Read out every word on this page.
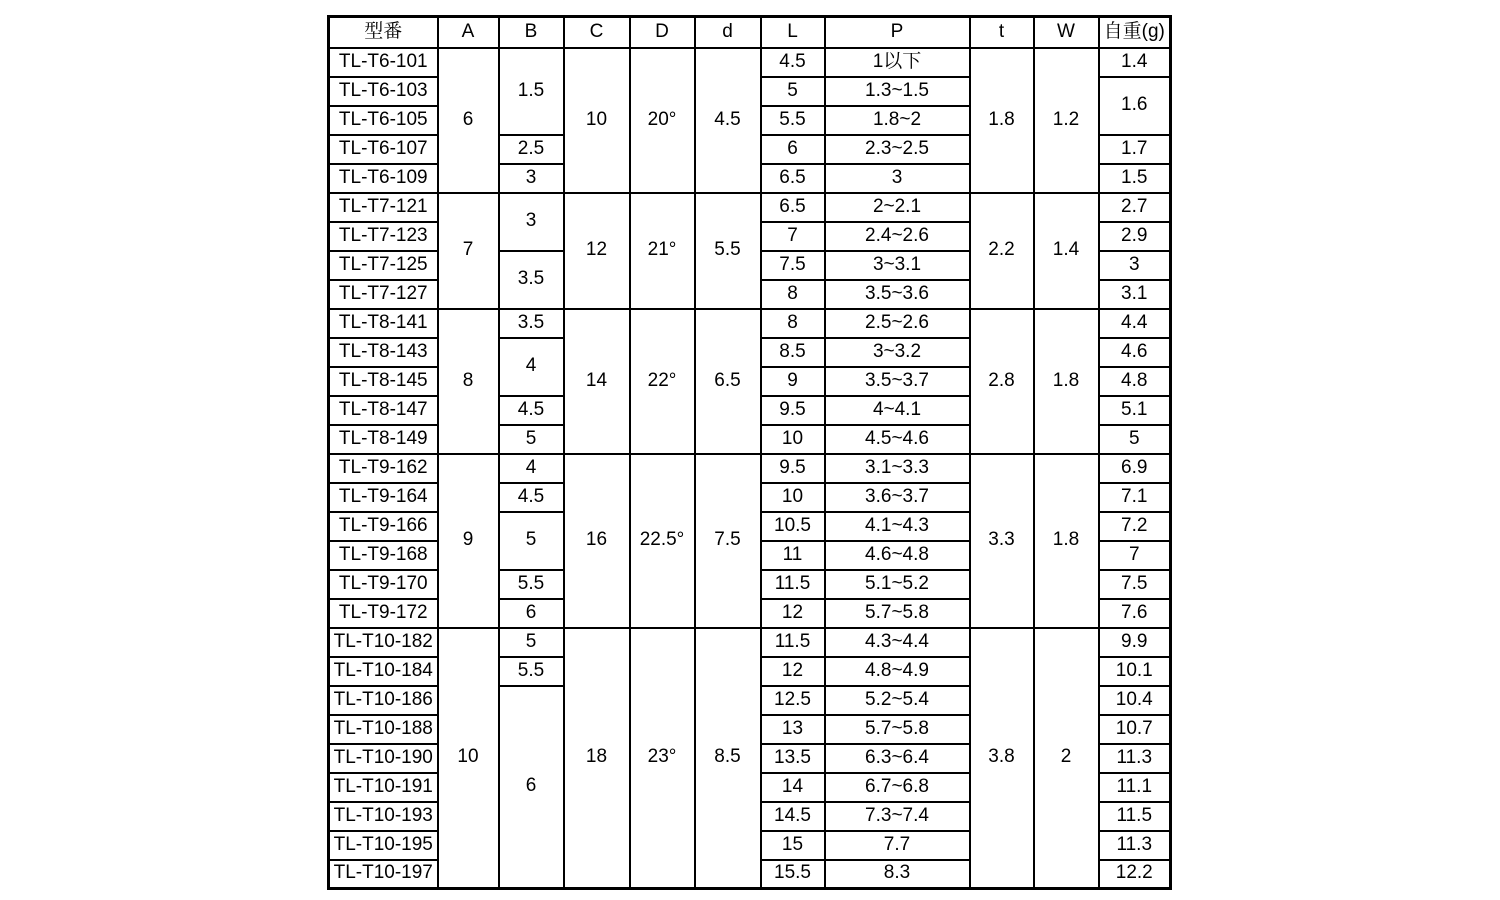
型番	A	B	C	D	d	L	P	t	W	自重(g)
TL-T6-101	6	1.5	10	20°	4.5	4.5	1以下	1.8	1.2	1.4
TL-T6-103						5	1.3~1.5			1.6
TL-T6-105						5.5	1.8~2			
TL-T6-107		2.5				6	2.3~2.5			1.7
TL-T6-109		3				6.5	3			1.5
TL-T7-121	7	3	12	21°	5.5	6.5	2~2.1	2.2	1.4	2.7
TL-T7-123						7	2.4~2.6			2.9
TL-T7-125		3.5				7.5	3~3.1			3
TL-T7-127						8	3.5~3.6			3.1
TL-T8-141	8	3.5	14	22°	6.5	8	2.5~2.6	2.8	1.8	4.4
TL-T8-143		4				8.5	3~3.2			4.6
TL-T8-145						9	3.5~3.7			4.8
TL-T8-147		4.5				9.5	4~4.1			5.1
TL-T8-149		5				10	4.5~4.6			5
TL-T9-162	9	4	16	22.5°	7.5	9.5	3.1~3.3	3.3	1.8	6.9
TL-T9-164		4.5				10	3.6~3.7			7.1
TL-T9-166		5				10.5	4.1~4.3			7.2
TL-T9-168						11	4.6~4.8			7
TL-T9-170		5.5				11.5	5.1~5.2			7.5
TL-T9-172		6				12	5.7~5.8			7.6
TL-T10-182	10	5	18	23°	8.5	11.5	4.3~4.4	3.8	2	9.9
TL-T10-184		5.5				12	4.8~4.9			10.1
TL-T10-186		6				12.5	5.2~5.4			10.4
TL-T10-188						13	5.7~5.8			10.7
TL-T10-190						13.5	6.3~6.4			11.3
TL-T10-191						14	6.7~6.8			11.1
TL-T10-193						14.5	7.3~7.4			11.5
TL-T10-195						15	7.7			11.3
TL-T10-197						15.5	8.3			12.2
